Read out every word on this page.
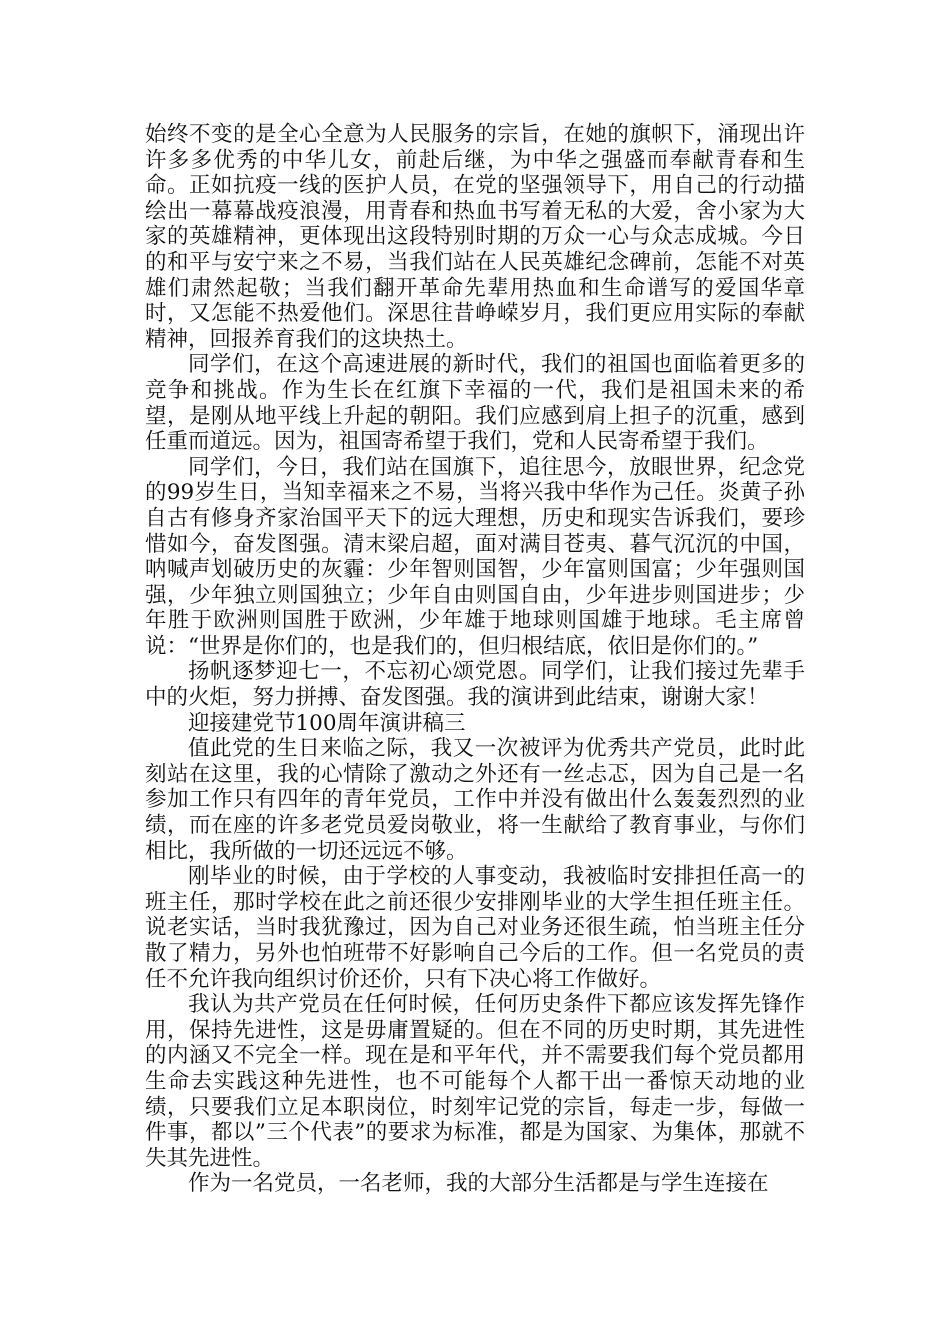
始终不变的是全心全意为人民服务的宗旨，在她的旗帜下，涌现出许许多多优秀的中华儿女，前赴后继，为中华之强盛而奉献青春和生命。正如抗疫一线的医护人员，在党的坚强领导下，用自己的行动描绘出一幕幕战疫浪漫，用青春和热血书写着无私的大爱，舍小家为大家的英雄精神，更体现出这段特别时期的万众一心与众志成城。今日的和平与安宁来之不易，当我们站在人民英雄纪念碑前，怎能不对英雄们肃然起敬；当我们翻开革命先辈用热血和生命谱写的爱国华章时，又怎能不热爱他们。深思往昔峥嵘岁月，我们更应用实际的奉献精神，回报养育我们的这块热土。

同学们，在这个高速进展的新时代，我们的祖国也面临着更多的竞争和挑战。作为生长在红旗下幸福的一代，我们是祖国未来的希望，是刚从地平线上升起的朝阳。我们应感到肩上担子的沉重，感到任重而道远。因为，祖国寄希望于我们，党和人民寄希望于我们。

同学们，今日，我们站在国旗下，追往思今，放眼世界，纪念党的99岁生日，当知幸福来之不易，当将兴我中华作为己任。炎黄子孙自古有修身齐家治国平天下的远大理想，历史和现实告诉我们，要珍惜如今，奋发图强。清末梁启超，面对满目苍夷、暮气沉沉的中国，呐喊声划破历史的灰霾：少年智则国智，少年富则国富；少年强则国强，少年独立则国独立；少年自由则国自由，少年进步则国进步；少年胜于欧洲则国胜于欧洲，少年雄于地球则国雄于地球。毛主席曾说：“世界是你们的，也是我们的，但归根结底，依旧是你们的。”

扬帆逐梦迎七一，不忘初心颂党恩。同学们，让我们接过先辈手中的火炬，努力拼搏、奋发图强。我的演讲到此结束，谢谢大家！

迎接建党节100周年演讲稿三

值此党的生日来临之际，我又一次被评为优秀共产党员，此时此刻站在这里，我的心情除了激动之外还有一丝忐忑，因为自己是一名参加工作只有四年的青年党员，工作中并没有做出什么轰轰烈烈的业绩，而在座的许多老党员爱岗敬业，将一生献给了教育事业，与你们相比，我所做的一切还远远不够。

刚毕业的时候，由于学校的人事变动，我被临时安排担任高一的班主任，那时学校在此之前还很少安排刚毕业的大学生担任班主任。说老实话，当时我犹豫过，因为自己对业务还很生疏，怕当班主任分散了精力，另外也怕班带不好影响自己今后的工作。但一名党员的责任不允许我向组织讨价还价，只有下决心将工作做好。

我认为共产党员在任何时候，任何历史条件下都应该发挥先锋作用，保持先进性，这是毋庸置疑的。但在不同的历史时期，其先进性的内涵又不完全一样。现在是和平年代，并不需要我们每个党员都用生命去实践这种先进性，也不可能每个人都干出一番惊天动地的业绩，只要我们立足本职岗位，时刻牢记党的宗旨，每走一步，每做一件事，都以”三个代表”的要求为标准，都是为国家、为集体，那就不失其先进性。

作为一名党员，一名老师，我的大部分生活都是与学生连接在
